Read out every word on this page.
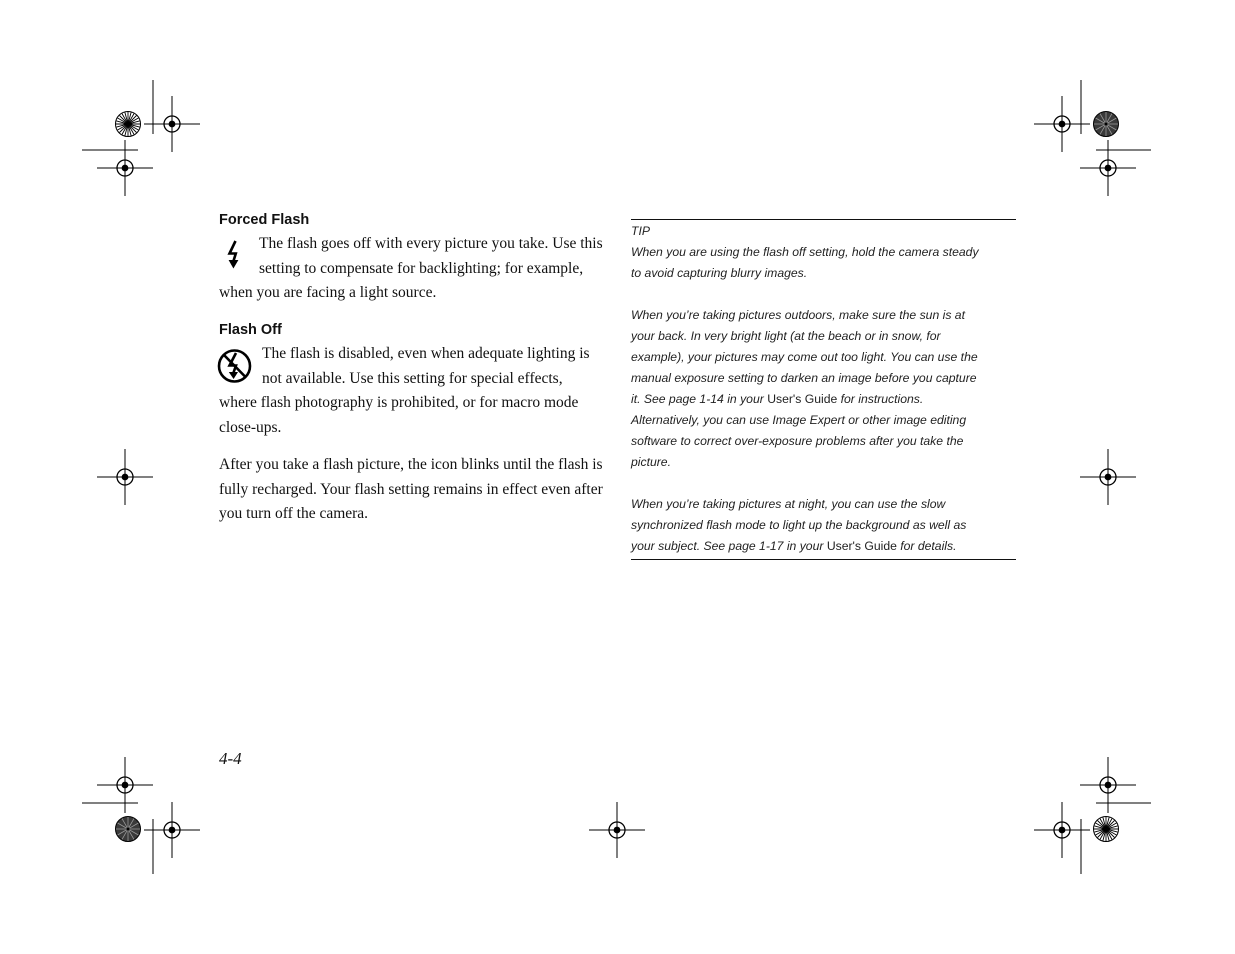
Forced Flash

The flash goes off with every picture you take. Use this
setting to compensate for backlighting; for example,

when you are facing a light source.

Flash Off

The flash is disabled, even when adequate lighting is
not available. Use this setting for special effects,

where flash photography is prohibited, or for macro mode
close-ups.

After you take a flash picture, the icon blinks until the flash is
fully recharged. Your flash setting remains in effect even after
you turn off the camera.

TIP

When you are using the flash off setting, hold the camera steady
to avoid capturing blurry images.

When you’re taking pictures outdoors, make sure the sun is at
your back. In very bright light (at the beach or in snow, for
example), your pictures may come out too light. You can use the
manual exposure setting to darken an image before you capture
it. See page 1-14 in your User's Guide for instructions.
Alternatively, you can use Image Expert or other image editing
software to correct over-exposure problems after you take the
picture.

When you’re taking pictures at night, you can use the slow
synchronized flash mode to light up the background as well as
your subject. See page 1-17 in your User's Guide for details.

4-4
